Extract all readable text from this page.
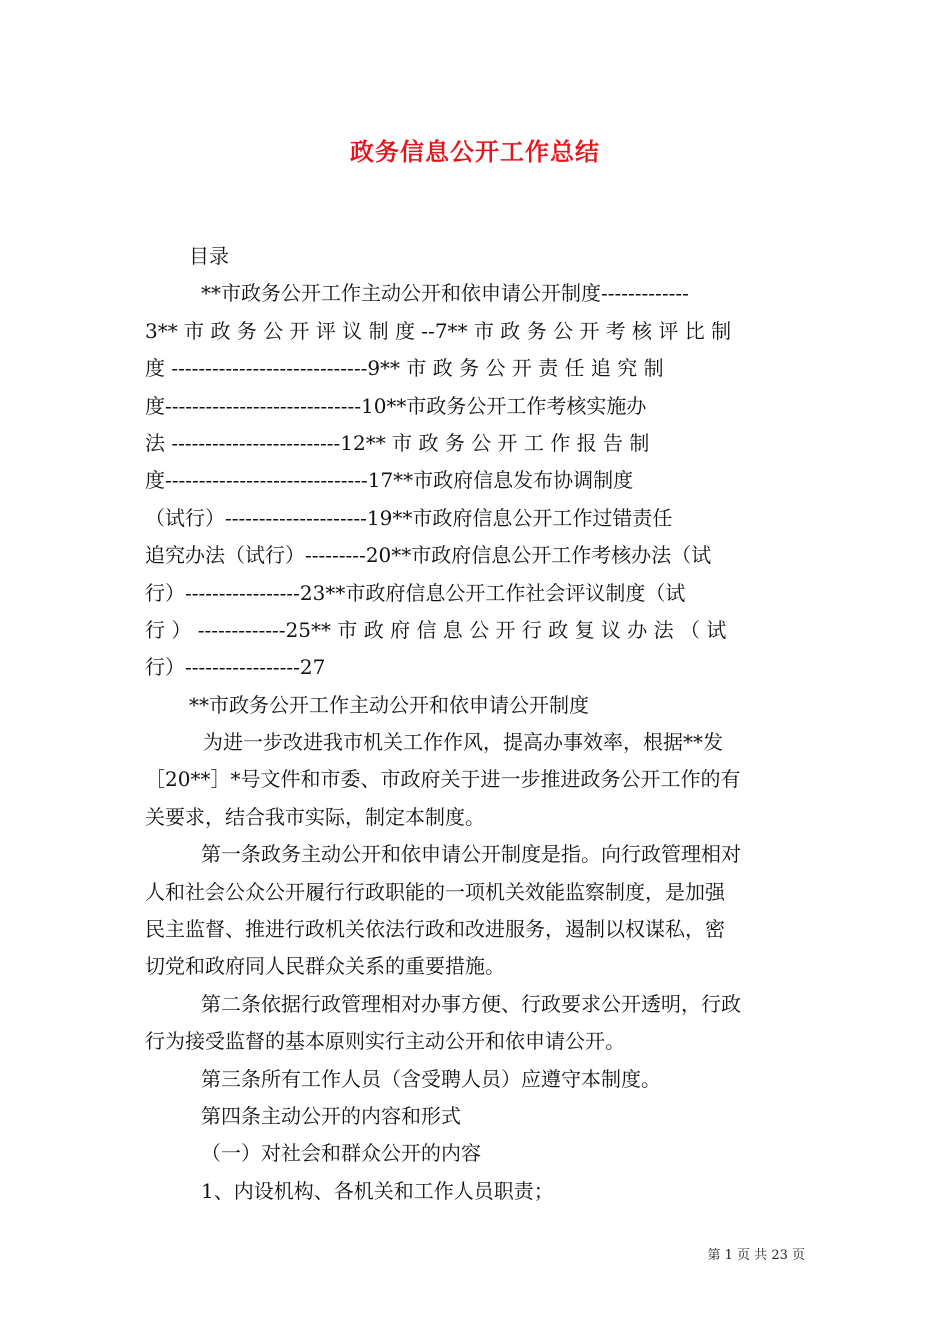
政务信息公开工作总结
目录
**市政务公开工作主动公开和依申请公开制度-------------
3** 市 政 务 公 开 评 议 制 度 --7** 市 政 务 公 开 考 核 评 比 制
度 -----------------------------9** 市 政 务 公 开 责 任 追 究 制
度-----------------------------10**市政务公开工作考核实施办
法 -------------------------12** 市 政 务 公 开 工 作 报 告 制
度------------------------------17**市政府信息发布协调制度
（试行）---------------------19**市政府信息公开工作过错责任
追究办法（试行）---------20**市政府信息公开工作考核办法（试
行）-----------------23**市政府信息公开工作社会评议制度（试
行 ） -------------25** 市 政 府 信 息 公 开 行 政 复 议 办 法 （ 试
行）-----------------27
**市政务公开工作主动公开和依申请公开制度
为进一步改进我市机关工作作风，提高办事效率，根据**发
［20**］*号文件和市委、市政府关于进一步推进政务公开工作的有
关要求，结合我市实际，制定本制度。
第一条政务主动公开和依申请公开制度是指。向行政管理相对
人和社会公众公开履行行政职能的一项机关效能监察制度，是加强
民主监督、推进行政机关依法行政和改进服务，遏制以权谋私，密
切党和政府同人民群众关系的重要措施。
第二条依据行政管理相对办事方便、行政要求公开透明，行政
行为接受监督的基本原则实行主动公开和依申请公开。
第三条所有工作人员（含受聘人员）应遵守本制度。
第四条主动公开的内容和形式
（一）对社会和群众公开的内容
1、内设机构、各机关和工作人员职责；
第 1 页 共 23 页
